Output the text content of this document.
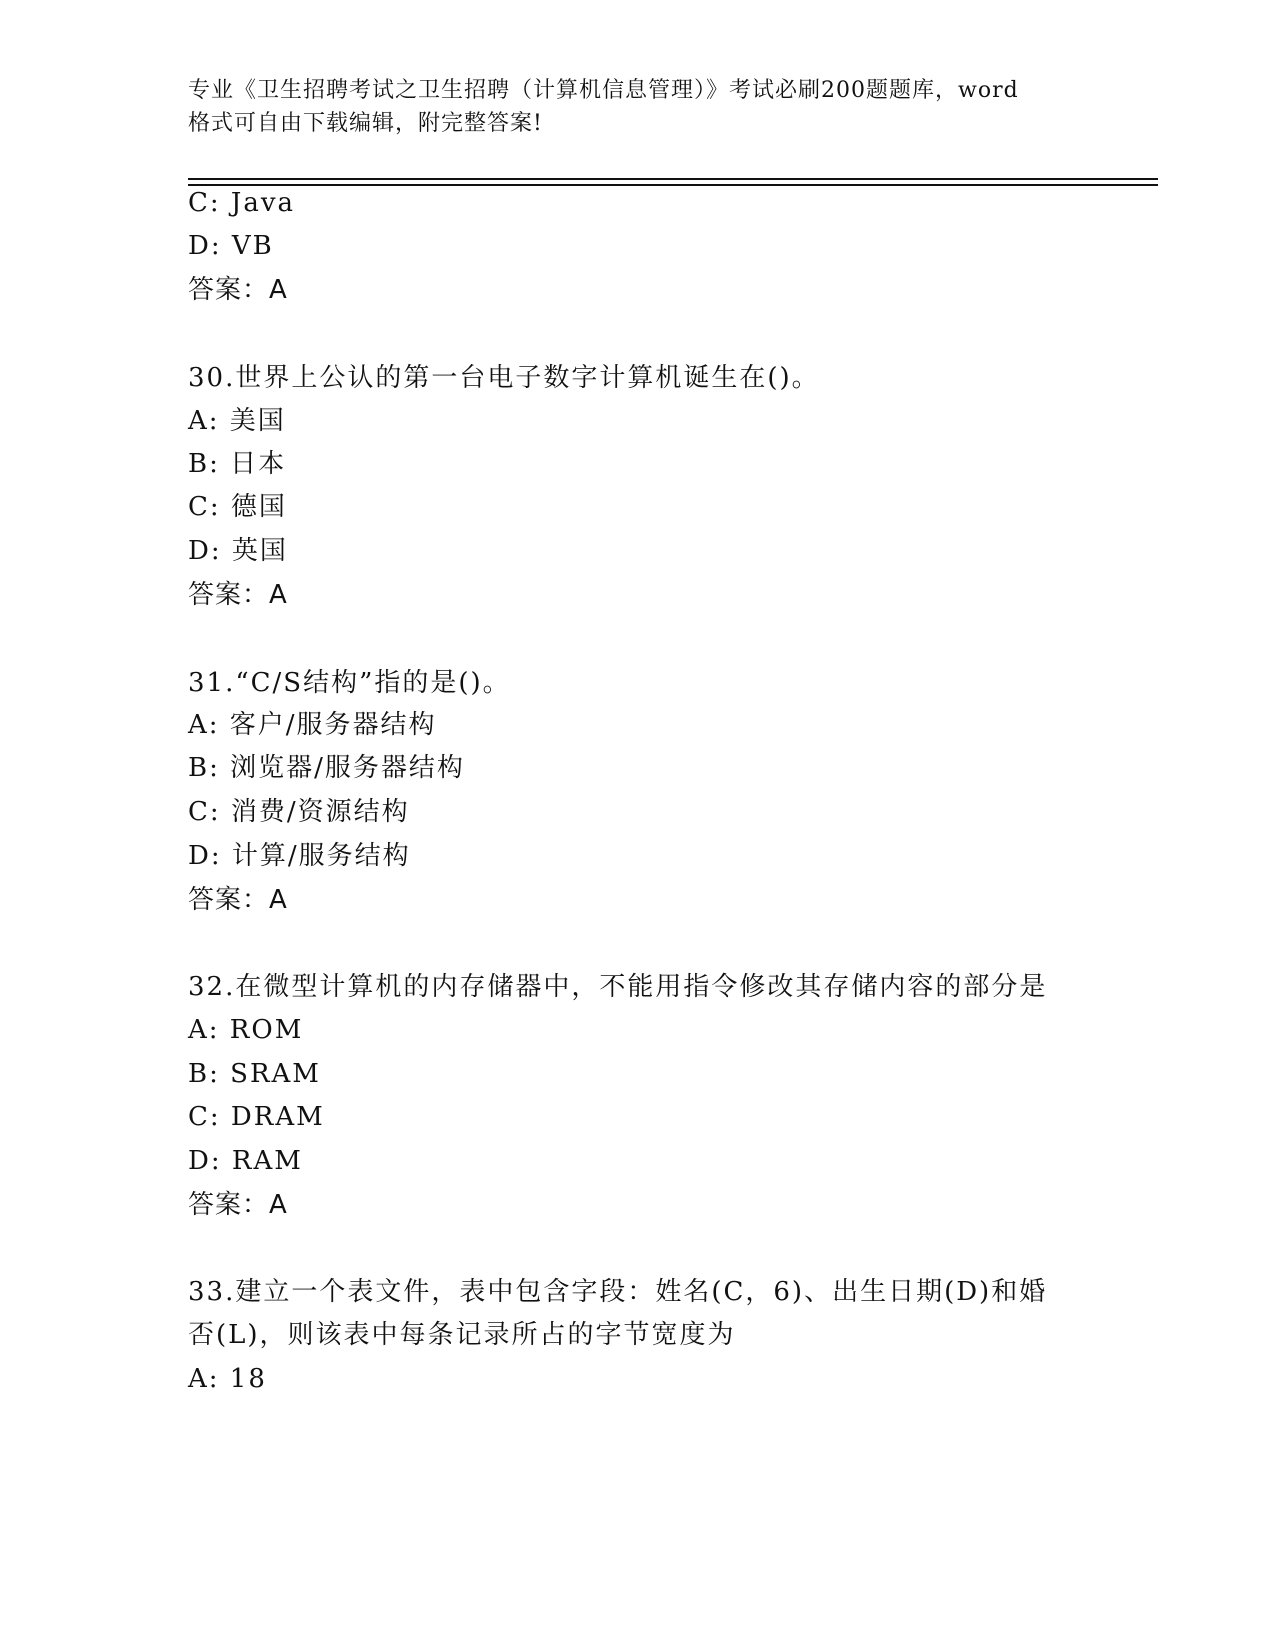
专业《卫生招聘考试之卫生招聘（计算机信息管理）》考试必刷200题题库，word
格式可自由下载编辑，附完整答案!
C: Java
D: VB
答案：A
30.世界上公认的第一台电子数字计算机诞生在()。
A: 美国
B: 日本
C: 德国
D: 英国
答案：A
31.“C/S结构”指的是()。
A: 客户/服务器结构
B: 浏览器/服务器结构
C: 消费/资源结构
D: 计算/服务结构
答案：A
32.在微型计算机的内存储器中，不能用指令修改其存储内容的部分是
A: ROM
B: SRAM
C: DRAM
D: RAM
答案：A
33.建立一个表文件，表中包含字段：姓名(C，6)、出生日期(D)和婚
否(L)，则该表中每条记录所占的字节宽度为
A: 18
